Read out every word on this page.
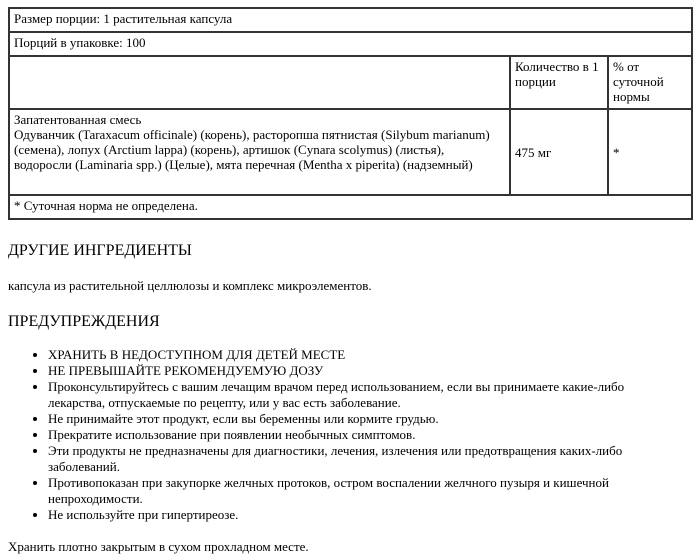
Размер порции: 1 растительная капсула		
Порций в упаковке: 100		
	Количество в 1 порции	% от суточной нормы

Запатентованная смесь
Одуванчик (Taraxacum officinale) (корень), расторопша пятнистая (Silybum marianum) (семена), лопух (Arctium lappa) (корень), артишок (Cynara scolymus) (листья), водоросли (Laminaria spp.) (Целые), мята перечная (Mentha x piperita) (надземный)	475 мг	*
* Суточная норма не определена.		
ДРУГИЕ ИНГРЕДИЕНТЫ

капсула из растительной целлюлозы и комплекс микроэлементов.

ПРЕДУПРЕЖДЕНИЯ
• ХРАНИТЬ В НЕДОСТУПНОМ ДЛЯ ДЕТЕЙ МЕСТЕ
• НЕ ПРЕВЫШАЙТЕ РЕКОМЕНДУЕМУЮ ДОЗУ
• Проконсультируйтесь с вашим лечащим врачом перед использованием, если вы принимаете какие-либо лекарства, отпускаемые по рецепту, или у вас есть заболевание.
• Не принимайте этот продукт, если вы беременны или кормите грудью.
• Прекратите использование при появлении необычных симптомов.
• Эти продукты не предназначены для диагностики, лечения, излечения или предотвращения каких-либо заболеваний.
• Противопоказан при закупорке желчных протоков, остром воспалении желчного пузыря и кишечной непроходимости.
• Не используйте при гипертиреозе.

Хранить плотно закрытым в сухом прохладном месте.
